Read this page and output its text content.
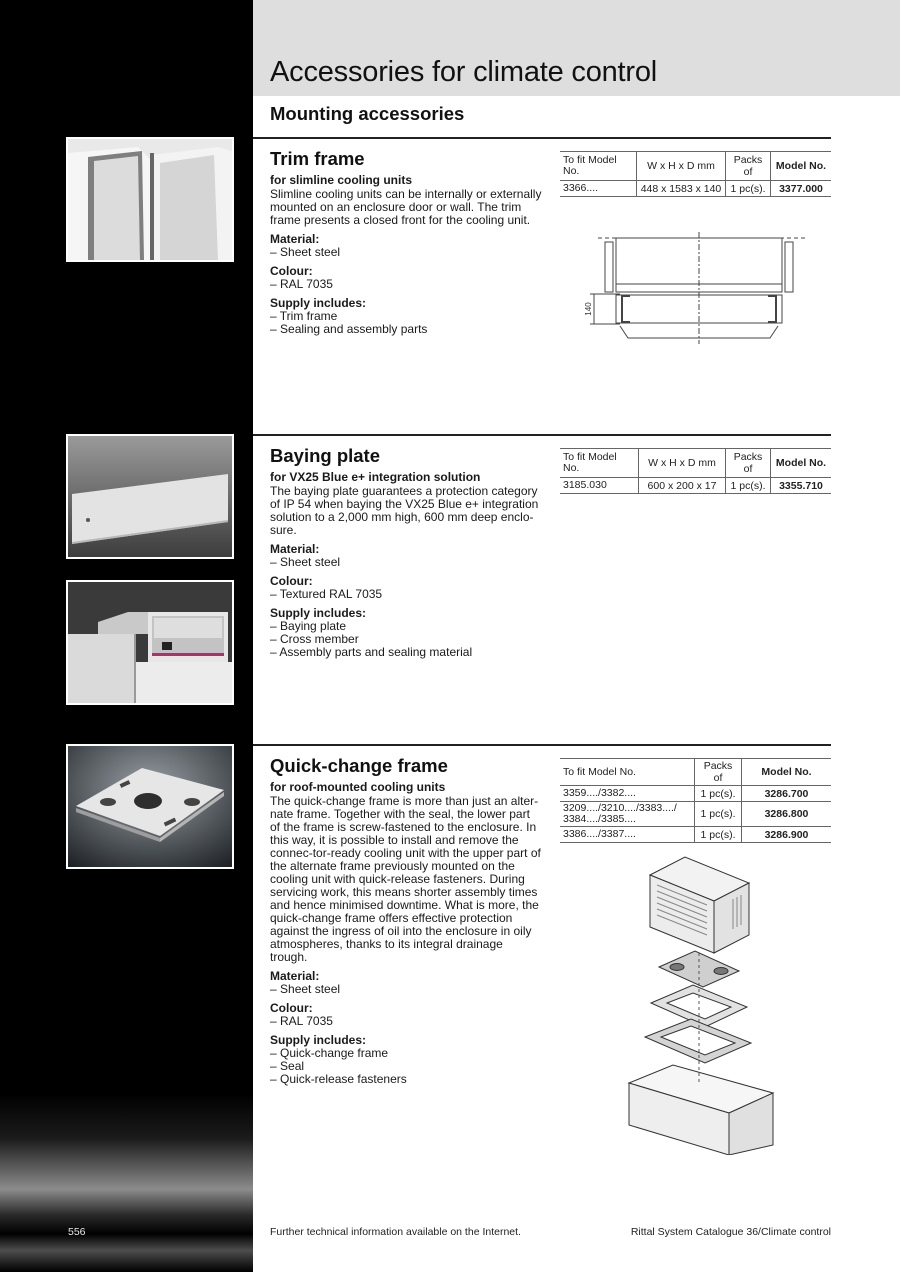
Accessories for climate control
Mounting accessories
Trim frame

for slimline cooling units

Slimline cooling units can be internally or externally mounted on an enclosure door or wall. The trim frame presents a closed front for the cooling unit.

Material:

– Sheet steel

Colour:

– RAL 7035

Supply includes:

– Trim frame
– Sealing and assembly parts
To fit Model No.	W x H x D mm	Packs of	Model No.
3366....	448 x 1583 x 140	1 pc(s).	3377.000
140
Baying plate

for VX25 Blue e+ integration solution

The baying plate guarantees a protection category of IP 54 when baying the VX25 Blue e+ integration solution to a 2,000 mm high, 600 mm deep enclo-sure.

Material:

– Sheet steel

Colour:

– Textured RAL 7035

Supply includes:

– Baying plate
– Cross member
– Assembly parts and sealing material
To fit Model No.	W x H x D mm	Packs of	Model No.
3185.030	600 x 200 x 17	1 pc(s).	3355.710
Quick-change frame

for roof-mounted cooling units

The quick-change frame is more than just an alter-nate frame. Together with the seal, the lower part of the frame is screw-fastened to the enclosure. In this way, it is possible to install and remove the connec-tor-ready cooling unit with the upper part of the alternate frame previously mounted on the cooling unit with quick-release fasteners. During servicing work, this means shorter assembly times and hence minimised downtime. What is more, the quick-change frame offers effective protection against the ingress of oil into the enclosure in oily atmospheres, thanks to its integral drainage trough.

Material:

– Sheet steel

Colour:

– RAL 7035

Supply includes:

– Quick-change frame
– Seal
– Quick-release fasteners
To fit Model No.	Packs of	Model No.
3359..../3382....	1 pc(s).	3286.700
3209..../3210..../3383..../ 3384..../3385....	1 pc(s).	3286.800
3386..../3387....	1 pc(s).	3286.900
556	Further technical information available on the Internet.	Rittal System Catalogue 36/Climate control
